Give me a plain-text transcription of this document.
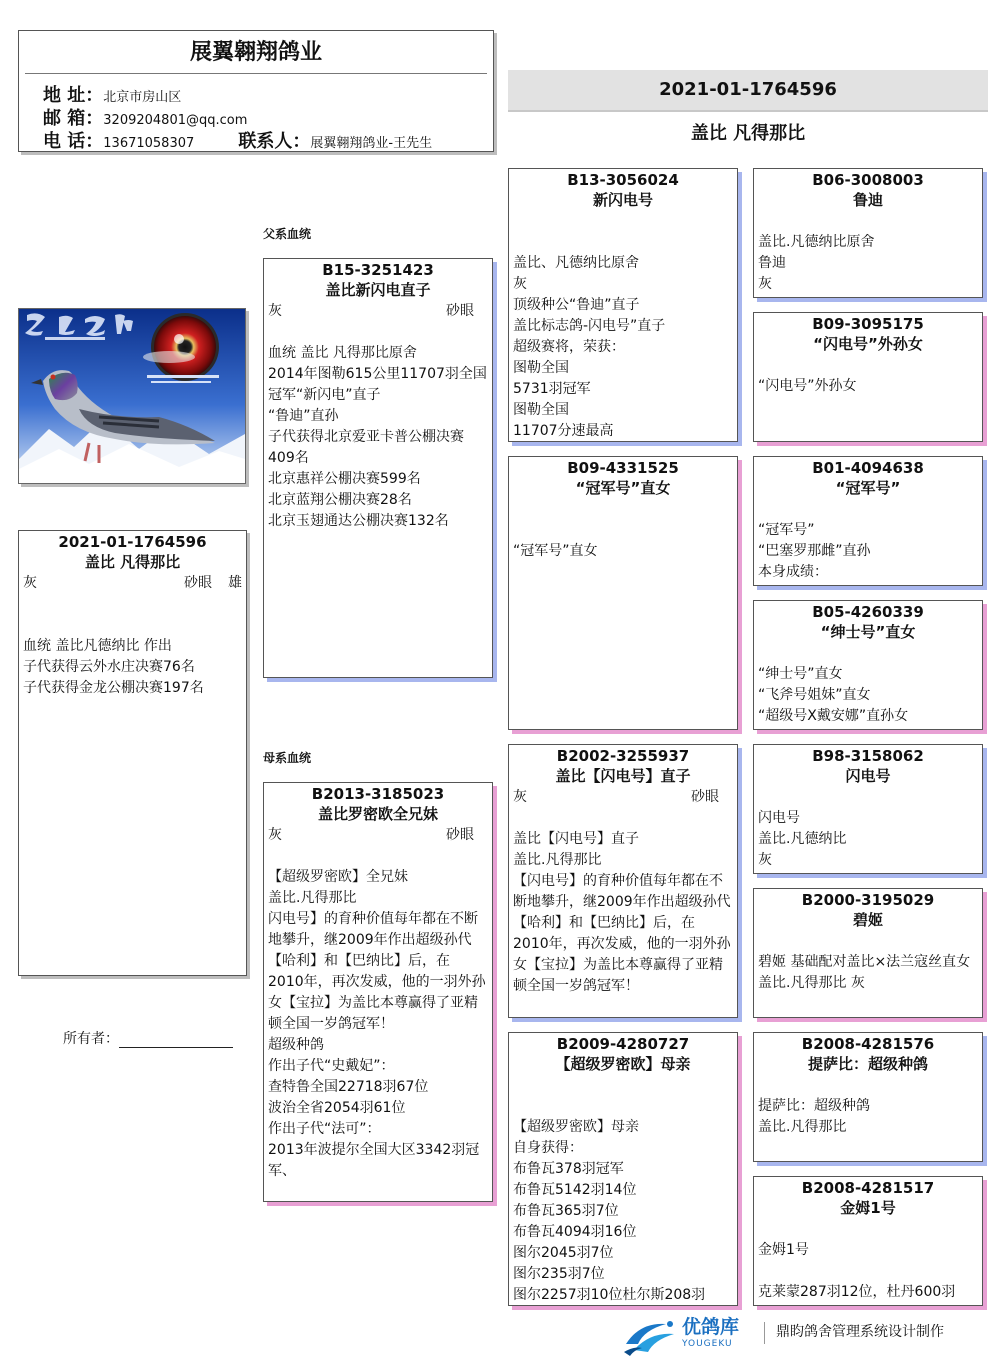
展翼翱翔鸽业
地 址：北京市房山区
邮 箱：3209204801@qq.com
电 话：13671058307 联系人：展翼翱翔鸽业-王先生
2021-01-1764596
盖比 凡得那比
2021-01-1764596
盖比 凡得那比
灰	砂眼 雄
血统 盖比凡德纳比 作出
子代获得云外水庄决赛76名
子代获得金龙公棚决赛197名
所有者：
父系血统
母系血统
B15-3251423
盖比新闪电直子
灰	砂眼
血统 盖比 凡得那比原舍
2014年图勒615公里11707羽全国冠军“新闪电”直子
“鲁迪”直孙
子代获得北京爱亚卡普公棚决赛409名
北京惠祥公棚决赛599名
北京蓝翔公棚决赛28名
北京玉翅通达公棚决赛132名
B2013-3185023
盖比罗密欧全兄妹
灰	砂眼
【超级罗密欧】全兄妹
盖比.凡得那比
闪电号】的育种价值每年都在不断地攀升，继2009年作出超级孙代【哈利】和【巴纳比】后，在 2010年，再次发威，他的一羽外孙女【宝拉】为盖比本尊赢得了亚精顿全国一岁鸽冠军！
超级种鸽
作出子代“史戴妃”：
查特鲁全国22718羽67位
波治全省2054羽61位
作出子代“法可”：
2013年波提尔全国大区3342羽冠军、
B13-3056024
新闪电号
盖比、凡德纳比原舍
灰
顶级种公“鲁迪”直子
盖比标志鸽-闪电号”直子
超级赛将，荣获：
图勒全国
5731羽冠军
图勒全国
11707分速最高
B09-4331525
“冠军号”直女
“冠军号”直女
B2002-3255937
盖比【闪电号】直子
灰	砂眼
盖比【闪电号】直子
盖比.凡得那比
【闪电号】的育种价值每年都在不断地攀升，继2009年作出超级孙代【哈利】和【巴纳比】后，在 2010年，再次发威，他的一羽外孙女【宝拉】为盖比本尊赢得了亚精顿全国一岁鸽冠军！
B2009-4280727
【超级罗密欧】母亲
【超级罗密欧】母亲
自身获得：
布鲁瓦378羽冠军
布鲁瓦5142羽14位
布鲁瓦365羽7位
布鲁瓦4094羽16位
图尔2045羽7位
图尔235羽7位
图尔2257羽10位杜尔斯208羽
B06-3008003
鲁迪
盖比.凡德纳比原舍
鲁迪
灰
B09-3095175
“闪电号”外孙女
“闪电号”外孙女
B01-4094638
“冠军号”
“冠军号”
“巴塞罗那雌”直孙
本身成绩：
B05-4260339
“绅士号”直女
“绅士号”直女
“飞斧号姐妹”直女
“超级号X戴安娜”直孙女
B98-3158062
闪电号
闪电号
盖比.凡德纳比
灰
B2000-3195029
碧姬
碧姬 基础配对盖比×法兰寇丝直女
盖比.凡得那比 灰
B2008-4281576
提萨比：超级种鸽
提萨比：超级种鸽
盖比.凡得那比
B2008-4281517
金姆1号
金姆1号
克莱蒙287羽12位，杜丹600羽
优鸽库
YOUGEKU
鼎盷鸽舍管理系统设计制作
